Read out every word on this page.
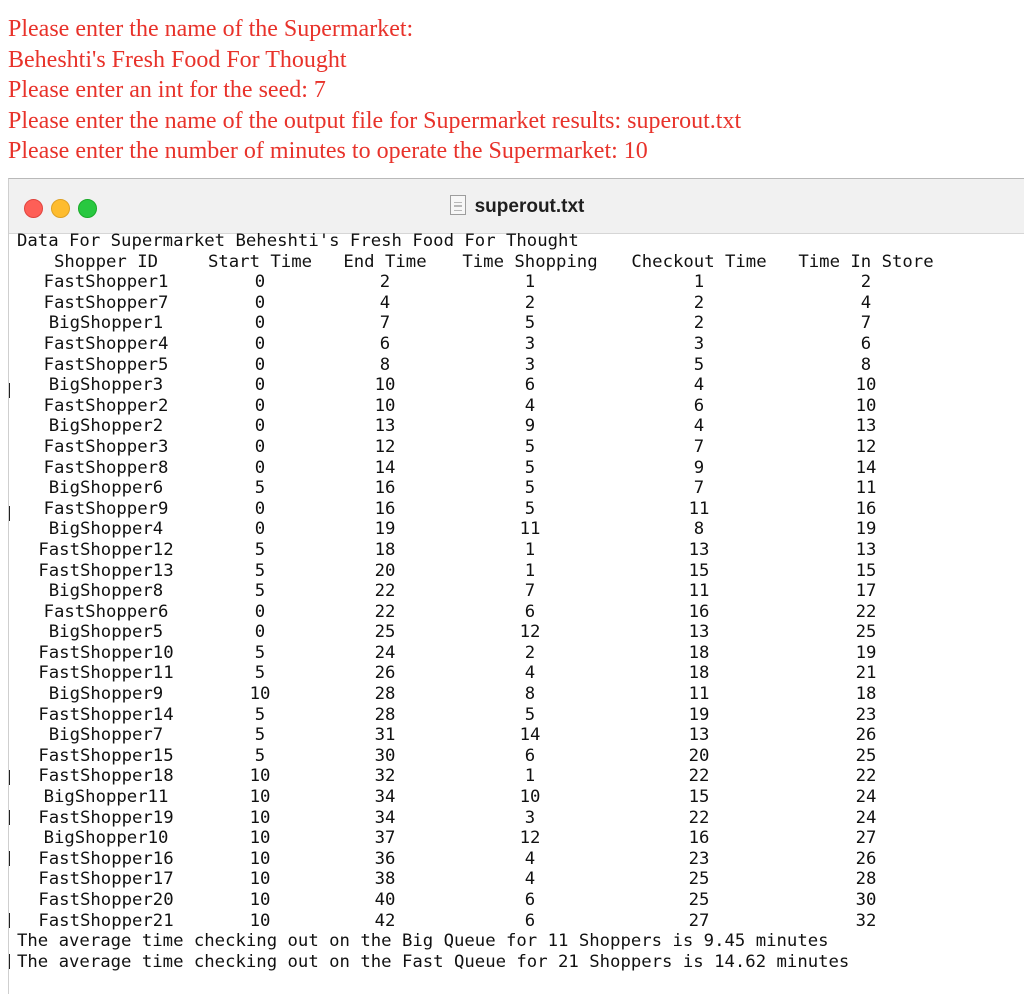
Please enter the name of the Supermarket:
Beheshti's Fresh Food For Thought
Please enter an int for the seed: 7
Please enter the name of the output file for Supermarket results: superout.txt
Please enter the number of minutes to operate the Supermarket: 10
superout.txt
Data For Supermarket Beheshti's Fresh Food For Thought
Shopper ID	Start Time	End Time	Time Shopping	Checkout Time	Time In Store
FastShopper1	0	2	1	1	2
FastShopper7	0	4	2	2	4
BigShopper1	0	7	5	2	7
FastShopper4	0	6	3	3	6
FastShopper5	0	8	3	5	8
BigShopper3	0	10	6	4	10
FastShopper2	0	10	4	6	10
BigShopper2	0	13	9	4	13
FastShopper3	0	12	5	7	12
FastShopper8	0	14	5	9	14
BigShopper6	5	16	5	7	11
FastShopper9	0	16	5	11	16
BigShopper4	0	19	11	8	19
FastShopper12	5	18	1	13	13
FastShopper13	5	20	1	15	15
BigShopper8	5	22	7	11	17
FastShopper6	0	22	6	16	22
BigShopper5	0	25	12	13	25
FastShopper10	5	24	2	18	19
FastShopper11	5	26	4	18	21
BigShopper9	10	28	8	11	18
FastShopper14	5	28	5	19	23
BigShopper7	5	31	14	13	26
FastShopper15	5	30	6	20	25
FastShopper18	10	32	1	22	22
BigShopper11	10	34	10	15	24
FastShopper19	10	34	3	22	24
BigShopper10	10	37	12	16	27
FastShopper16	10	36	4	23	26
FastShopper17	10	38	4	25	28
FastShopper20	10	40	6	25	30
FastShopper21	10	42	6	27	32
The average time checking out on the Big Queue for 11 Shoppers is 9.45 minutes
The average time checking out on the Fast Queue for 21 Shoppers is 14.62 minutes
